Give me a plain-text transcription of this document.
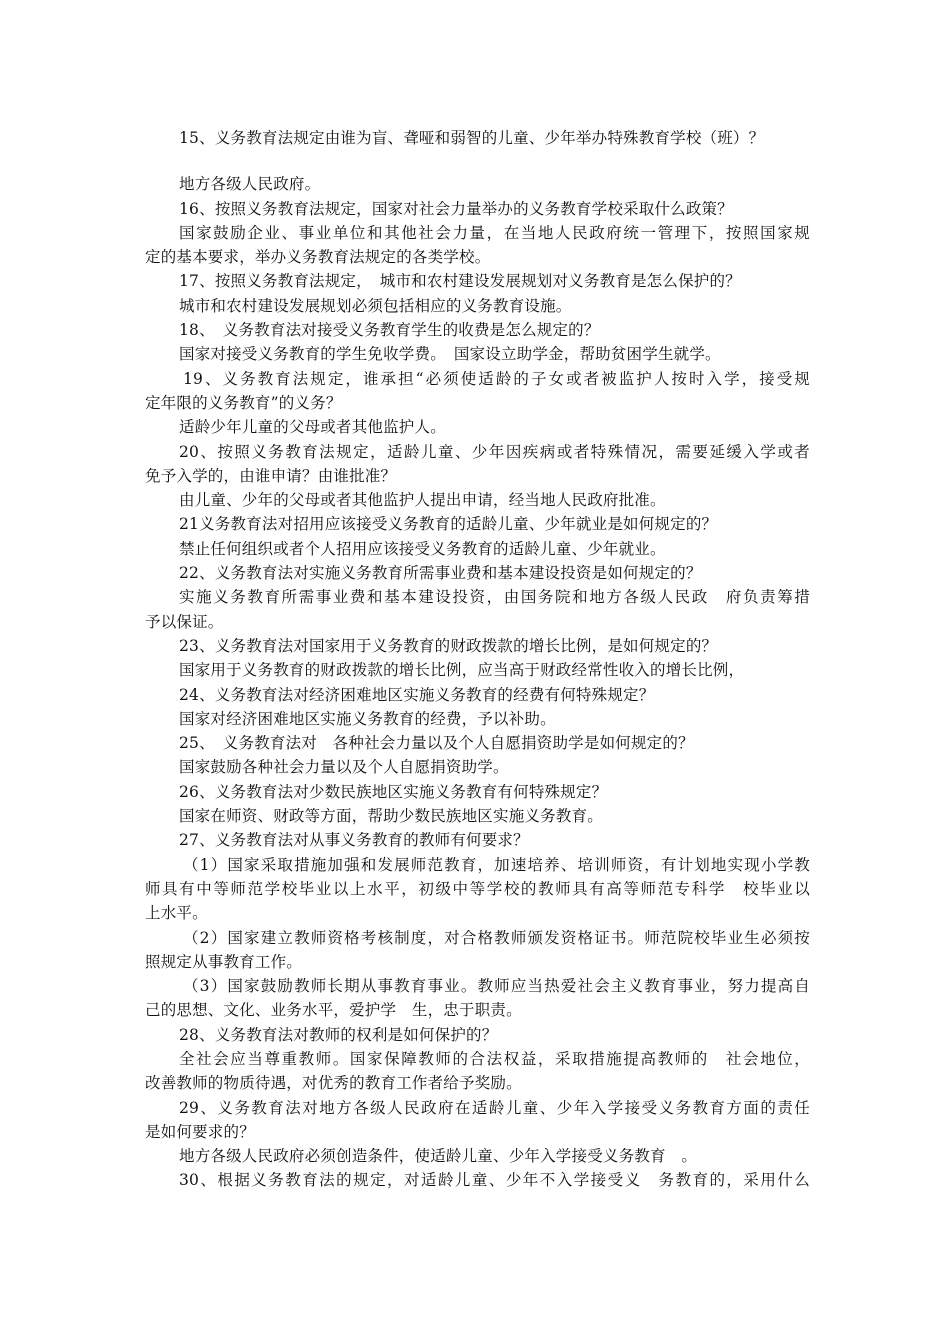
15、义务教育法规定由谁为盲、聋哑和弱智的儿童、少年举办特殊教育学校（班）？
地方各级人民政府。
16、按照义务教育法规定，国家对社会力量举办的义务教育学校采取什么政策？
国家鼓励企业、事业单位和其他社会力量，在当地人民政府统一管理下，按照国家规
定的基本要求，举办义务教育法规定的各类学校。
17、按照义务教育法规定，　城市和农村建设发展规划对义务教育是怎么保护的？
城市和农村建设发展规划必须包括相应的义务教育设施。
18、　义务教育法对接受义务教育学生的收费是怎么规定的？
国家对接受义务教育的学生免收学费。　国家设立助学金，帮助贫困学生就学。
19、义务教育法规定，谁承担“必须使适龄的子女或者被监护人按时入学，接受规
定年限的义务教育”的义务？
适龄少年儿童的父母或者其他监护人。
20、按照义务教育法规定，适龄儿童、少年因疾病或者特殊情况，需要延缓入学或者
免予入学的，由谁申请？由谁批准？
由儿童、少年的父母或者其他监护人提出申请，经当地人民政府批准。
21义务教育法对招用应该接受义务教育的适龄儿童、少年就业是如何规定的？
禁止任何组织或者个人招用应该接受义务教育的适龄儿童、少年就业。
22、义务教育法对实施义务教育所需事业费和基本建设投资是如何规定的？
实施义务教育所需事业费和基本建设投资，由国务院和地方各级人民政　府负责筹措
予以保证。
23、义务教育法对国家用于义务教育的财政拨款的增长比例，是如何规定的？
国家用于义务教育的财政拨款的增长比例，应当高于财政经常性收入的增长比例，
24、义务教育法对经济困难地区实施义务教育的经费有何特殊规定？
国家对经济困难地区实施义务教育的经费，予以补助。
25、　义务教育法对　各种社会力量以及个人自愿捐资助学是如何规定的？
国家鼓励各种社会力量以及个人自愿捐资助学。
26、义务教育法对少数民族地区实施义务教育有何特殊规定？
国家在师资、财政等方面，帮助少数民族地区实施义务教育。
27、义务教育法对从事义务教育的教师有何要求？
（1）国家采取措施加强和发展师范教育，加速培养、培训师资，有计划地实现小学教
师具有中等师范学校毕业以上水平，初级中等学校的教师具有高等师范专科学　校毕业以
上水平。
（2）国家建立教师资格考核制度，对合格教师颁发资格证书。师范院校毕业生必须按
照规定从事教育工作。
（3）国家鼓励教师长期从事教育事业。教师应当热爱社会主义教育事业，努力提高自
己的思想、文化、业务水平，爱护学　生，忠于职责。
28、义务教育法对教师的权利是如何保护的？
全社会应当尊重教师。国家保障教师的合法权益，采取措施提高教师的　社会地位，
改善教师的物质待遇，对优秀的教育工作者给予奖励。
29、义务教育法对地方各级人民政府在适龄儿童、少年入学接受义务教育方面的责任
是如何要求的？
地方各级人民政府必须创造条件，使适龄儿童、少年入学接受义务教育　。
30、根据义务教育法的规定，对适龄儿童、少年不入学接受义　务教育的，采用什么
